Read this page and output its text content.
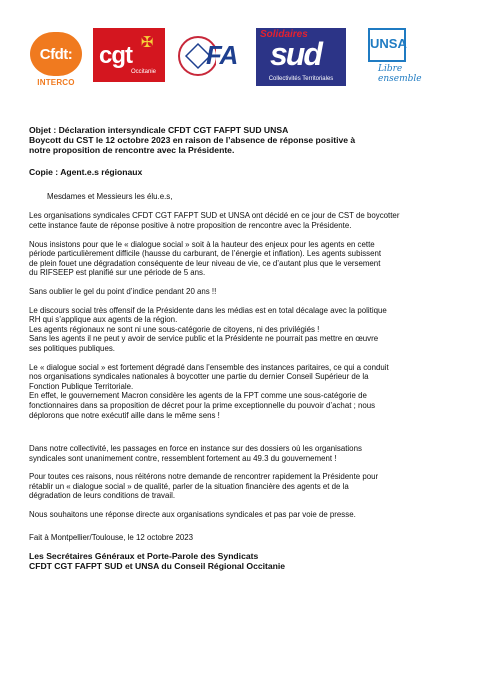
Cfdt:
INTERCO
✠
cgt
Occitanie
FA
Solidaires
sud
Collectivités Territoriales
UNSA
Libre ensemble
Objet : Déclaration intersyndicale CFDT CGT FAFPT SUD UNSA
Boycott du CST le 12 octobre 2023 en raison de l’absence de réponse positive à
notre proposition de rencontre avec la Présidente.
Copie : Agent.e.s régionaux
Mesdames et Messieurs les élu.e.s,
Les organisations syndicales CFDT CGT FAFPT SUD et UNSA ont décidé en ce jour de CST de boycotter
cette instance faute de réponse positive à notre proposition de rencontre avec la Présidente.
Nous insistons pour que le « dialogue social » soit à la hauteur des enjeux pour les agents en cette
période particulièrement difficile (hausse du carburant, de l’énergie et inflation). Les agents subissent
de plein fouet une dégradation conséquente de leur niveau de vie, ce d’autant plus que le versement
du RIFSEEP est planifié sur une période de 5 ans.
Sans oublier le gel du point d’indice pendant 20 ans !!
Le discours social très offensif de la Présidente dans les médias est en total décalage avec la politique
RH qui s’applique aux agents de la région.
Les agents régionaux ne sont ni une sous-catégorie de citoyens, ni des privilégiés !
Sans les agents il ne peut y avoir de service public et la Présidente ne pourrait pas mettre en œuvre
ses politiques publiques.
Le « dialogue social » est fortement dégradé dans l’ensemble des instances paritaires, ce qui a conduit
nos organisations syndicales nationales à boycotter une partie du dernier Conseil Supérieur de la
Fonction Publique Territoriale.
En effet, le gouvernement Macron considère les agents de la FPT comme une sous-catégorie de
fonctionnaires dans sa proposition de décret pour la prime exceptionnelle du pouvoir d’achat ; nous
déplorons que notre exécutif aille dans le même sens !
Dans notre collectivité, les passages en force en instance sur des dossiers où les organisations
syndicales sont unanimement contre, ressemblent fortement au 49.3 du gouvernement !
Pour toutes ces raisons, nous réitérons notre demande de rencontrer rapidement la Présidente pour
rétablir un « dialogue social » de qualité, parler de la situation financière des agents et de la
dégradation de leurs conditions de travail.
Nous souhaitons une réponse directe aux organisations syndicales et pas par voie de presse.
Fait à Montpellier/Toulouse, le 12 octobre 2023
Les Secrétaires Généraux et Porte-Parole des Syndicats
CFDT CGT FAFPT SUD et UNSA du Conseil Régional Occitanie
